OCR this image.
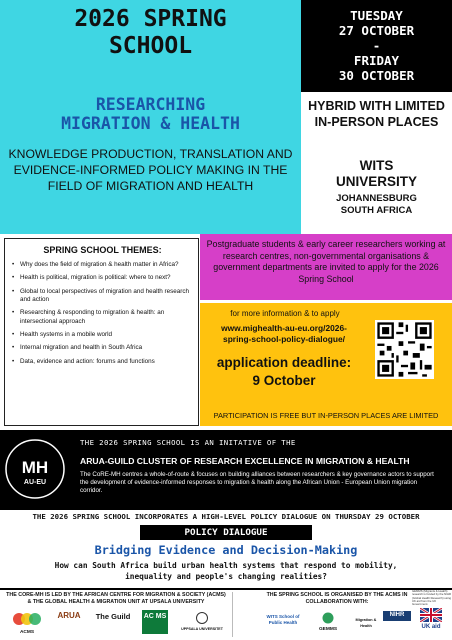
2026 SPRING
SCHOOL
RESEARCHING
MIGRATION & HEALTH
KNOWLEDGE PRODUCTION, TRANSLATION AND EVIDENCE-INFORMED POLICY MAKING IN THE FIELD OF MIGRATION AND HEALTH
TUESDAY
27 OCTOBER
-
FRIDAY
30 OCTOBER
HYBRID WITH LIMITED IN-PERSON PLACES
WITS
UNIVERSITY
JOHANNESBURG
SOUTH AFRICA
SPRING SCHOOL THEMES:
• Why does the field of migration & health matter in Africa?
• Health is political, migration is political: where to next?
• Global to local perspectives of migration and health research and action
• Researching & responding to migration & health: an intersectional approach
• Health systems in a mobile world
• Internal migration and health in South Africa
• Data, evidence and action: forums and functions
Postgraduate students & early career researchers working at research centres, non-governmental organisations & government departments are invited to apply for the 2026 Spring School
for more information & to apply
www.mighealth-au-eu.org/2026-
spring-school-policy-dialogue/
application deadline:
9 October
PARTICIPATION IS FREE BUT IN-PERSON PLACES ARE LIMITED
MH
AU-EU
THE 2026 SPRING SCHOOL IS AN INITATIVE OF THE
ARUA-GUILD CLUSTER OF RESEARCH EXCELLENCE IN MIGRATION & HEALTH
The CoRE-MH centres a whole-of-route & focuses on building alliances between researchers & key governance actors to support the development of evidence-informed responses to migration & health along the African Union - European Union migration corridor.
THE 2026 SPRING SCHOOL INCORPORATES A HIGH-LEVEL POLICY DIALOGUE ON THURSDAY 29 OCTOBER
POLICY DIALOGUE
Bridging Evidence and Decision-Making
How can South Africa build urban health systems that respond to mobility, inequality and people's changing realities?
THE CORE-MH IS LED BY THE AFRICAN CENTRE FOR MIGRATION & SOCIETY (ACMS) & THE GLOBAL HEALTH & MIGRATION UNIT AT UPSALA UNIVERSITY
THE SPRING SCHOOL IS ORGANISED BY THE ACMS IN COLLABORATION WITH:
ACMS
ARUA	The Guild AC MS
UPPSALA UNIVERSITET
WITS School of Public Health
GEMMS
Migration & Health
NIHR
UK aid
GEMMS (Migrants & Health) research is funded by the NIHR (Global Health Research) using UK aid from the UK Government.
